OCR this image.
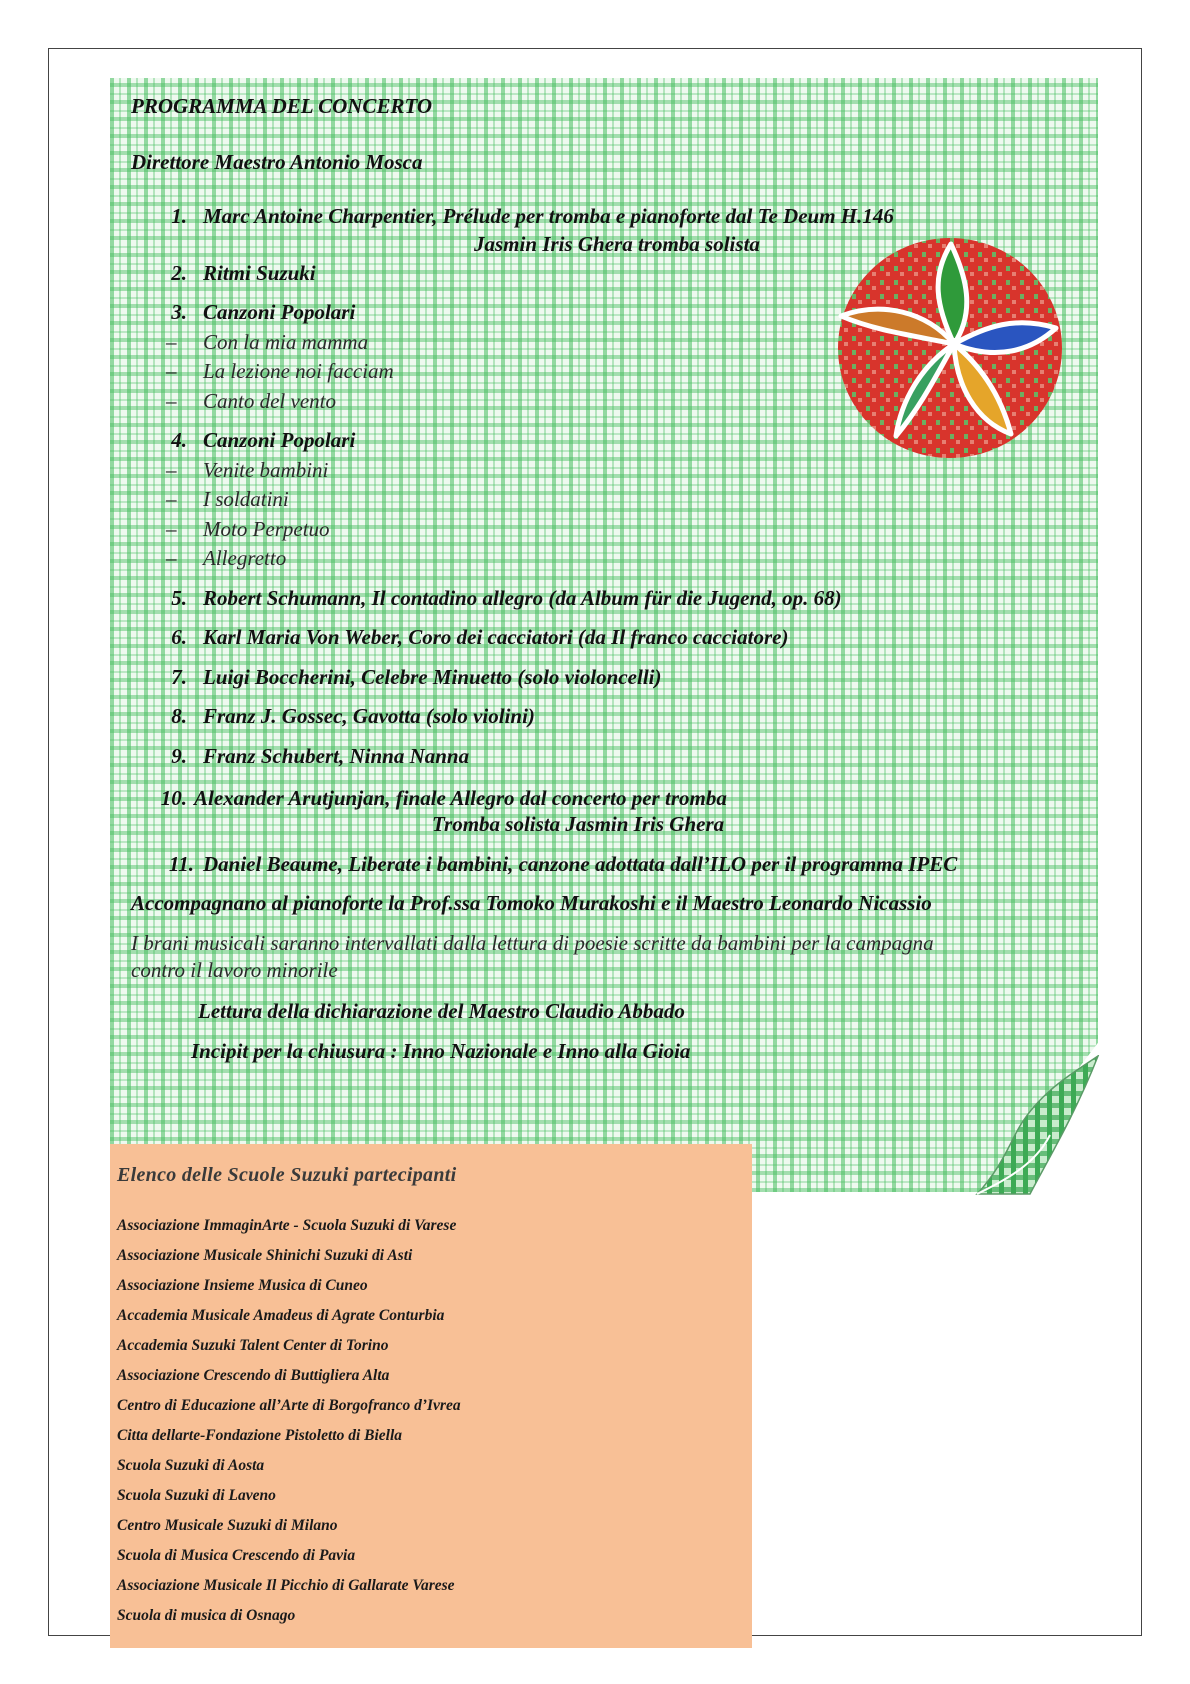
PROGRAMMA DEL CONCERTO

Direttore Maestro Antonio Mosca

1. Marc Antoine Charpentier, Prélude per tromba e pianoforte dal Te Deum H.146

Jasmin Iris Ghera tromba solista

2. Ritmi Suzuki

3. Canzoni Popolari

– Con la mia mamma

– La lezione noi facciam

– Canto del vento

4. Canzoni Popolari

– Venite bambini

– I soldatini

– Moto Perpetuo

– Allegretto

5. Robert Schumann, Il contadino allegro (da Album für die Jugend, op. 68)

6. Karl Maria Von Weber, Coro dei cacciatori (da Il franco cacciatore)

7. Luigi Boccherini, Celebre Minuetto (solo violoncelli)

8. Franz J. Gossec, Gavotta (solo violini)

9. Franz Schubert, Ninna Nanna

10. Alexander Arutjunjan, finale Allegro dal concerto per tromba

Tromba solista Jasmin Iris Ghera

11. Daniel Beaume, Liberate i bambini, canzone adottata dall’ILO per il programma IPEC

Accompagnano al pianoforte la Prof.ssa Tomoko Murakoshi e il Maestro Leonardo Nicassio

I brani musicali saranno intervallati dalla lettura di poesie scritte da bambini per la campagna

contro il lavoro minorile

Lettura della dichiarazione del Maestro Claudio Abbado

Incipit per la chiusura : Inno Nazionale e Inno alla Gioia

Elenco delle Scuole Suzuki partecipanti

Associazione ImmaginArte - Scuola Suzuki di Varese

Associazione Musicale Shinichi Suzuki di Asti

Associazione Insieme Musica di Cuneo

Accademia Musicale Amadeus di Agrate Conturbia

Accademia Suzuki Talent Center di Torino

Associazione Crescendo di Buttigliera Alta

Centro di Educazione all’Arte di Borgofranco d’Ivrea

Citta dellarte-Fondazione Pistoletto di Biella

Scuola Suzuki di Aosta

Scuola Suzuki di Laveno

Centro Musicale Suzuki di Milano

Scuola di Musica Crescendo di Pavia

Associazione Musicale Il Picchio di Gallarate Varese

Scuola di musica di Osnago
